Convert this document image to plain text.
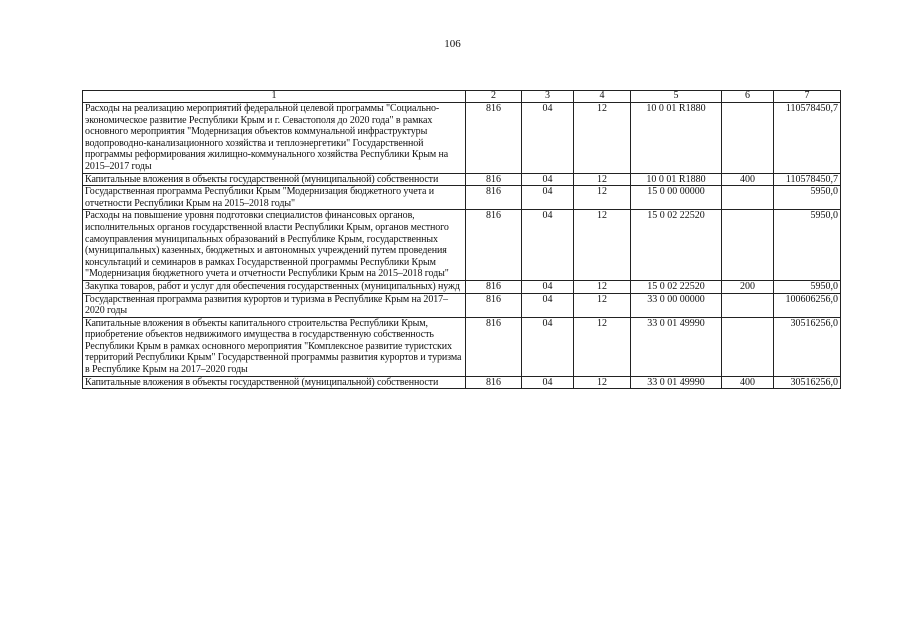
106
1	2	3	4	5	6	7
Расходы на реализацию мероприятий федеральной целевой программы "Социально-экономическое развитие Республики Крым и г. Севастополя до 2020 года" в рамках основного мероприятия "Модернизация объектов коммунальной инфраструктуры водопроводно-канализационного хозяйства и теплоэнергетики" Государственной программы реформирования жилищно-коммунального хозяйства Республики Крым на 2015–2017 годы	816	04	12	10 0 01 R1880		110578450,7
Капитальные вложения в объекты государственной (муниципальной) собственности	816	04	12	10 0 01 R1880	400	110578450,7
Государственная программа Республики Крым "Модернизация бюджетного учета и отчетности Республики Крым на 2015–2018 годы"	816	04	12	15 0 00 00000		5950,0
Расходы на повышение уровня подготовки специалистов финансовых органов, исполнительных органов государственной власти Республики Крым, органов местного самоуправления муниципальных образований в Республике Крым, государственных (муниципальных) казенных, бюджетных и автономных учреждений путем проведения консультаций и семинаров в рамках Государственной программы Республики Крым "Модернизация бюджетного учета и отчетности Республики Крым на 2015–2018 годы"	816	04	12	15 0 02 22520		5950,0
Закупка товаров, работ и услуг для обеспечения государственных (муниципальных) нужд	816	04	12	15 0 02 22520	200	5950,0
Государственная программа развития курортов и туризма в Республике Крым на 2017–2020 годы	816	04	12	33 0 00 00000		100606256,0
Капитальные вложения в объекты капитального строительства Республики Крым, приобретение объектов недвижимого имущества в государственную собственность Республики Крым в рамках основного мероприятия "Комплексное развитие туристских территорий Республики Крым" Государственной программы развития курортов и туризма в Республике Крым на 2017–2020 годы	816	04	12	33 0 01 49990		30516256,0
Капитальные вложения в объекты государственной (муниципальной) собственности	816	04	12	33 0 01 49990	400	30516256,0
